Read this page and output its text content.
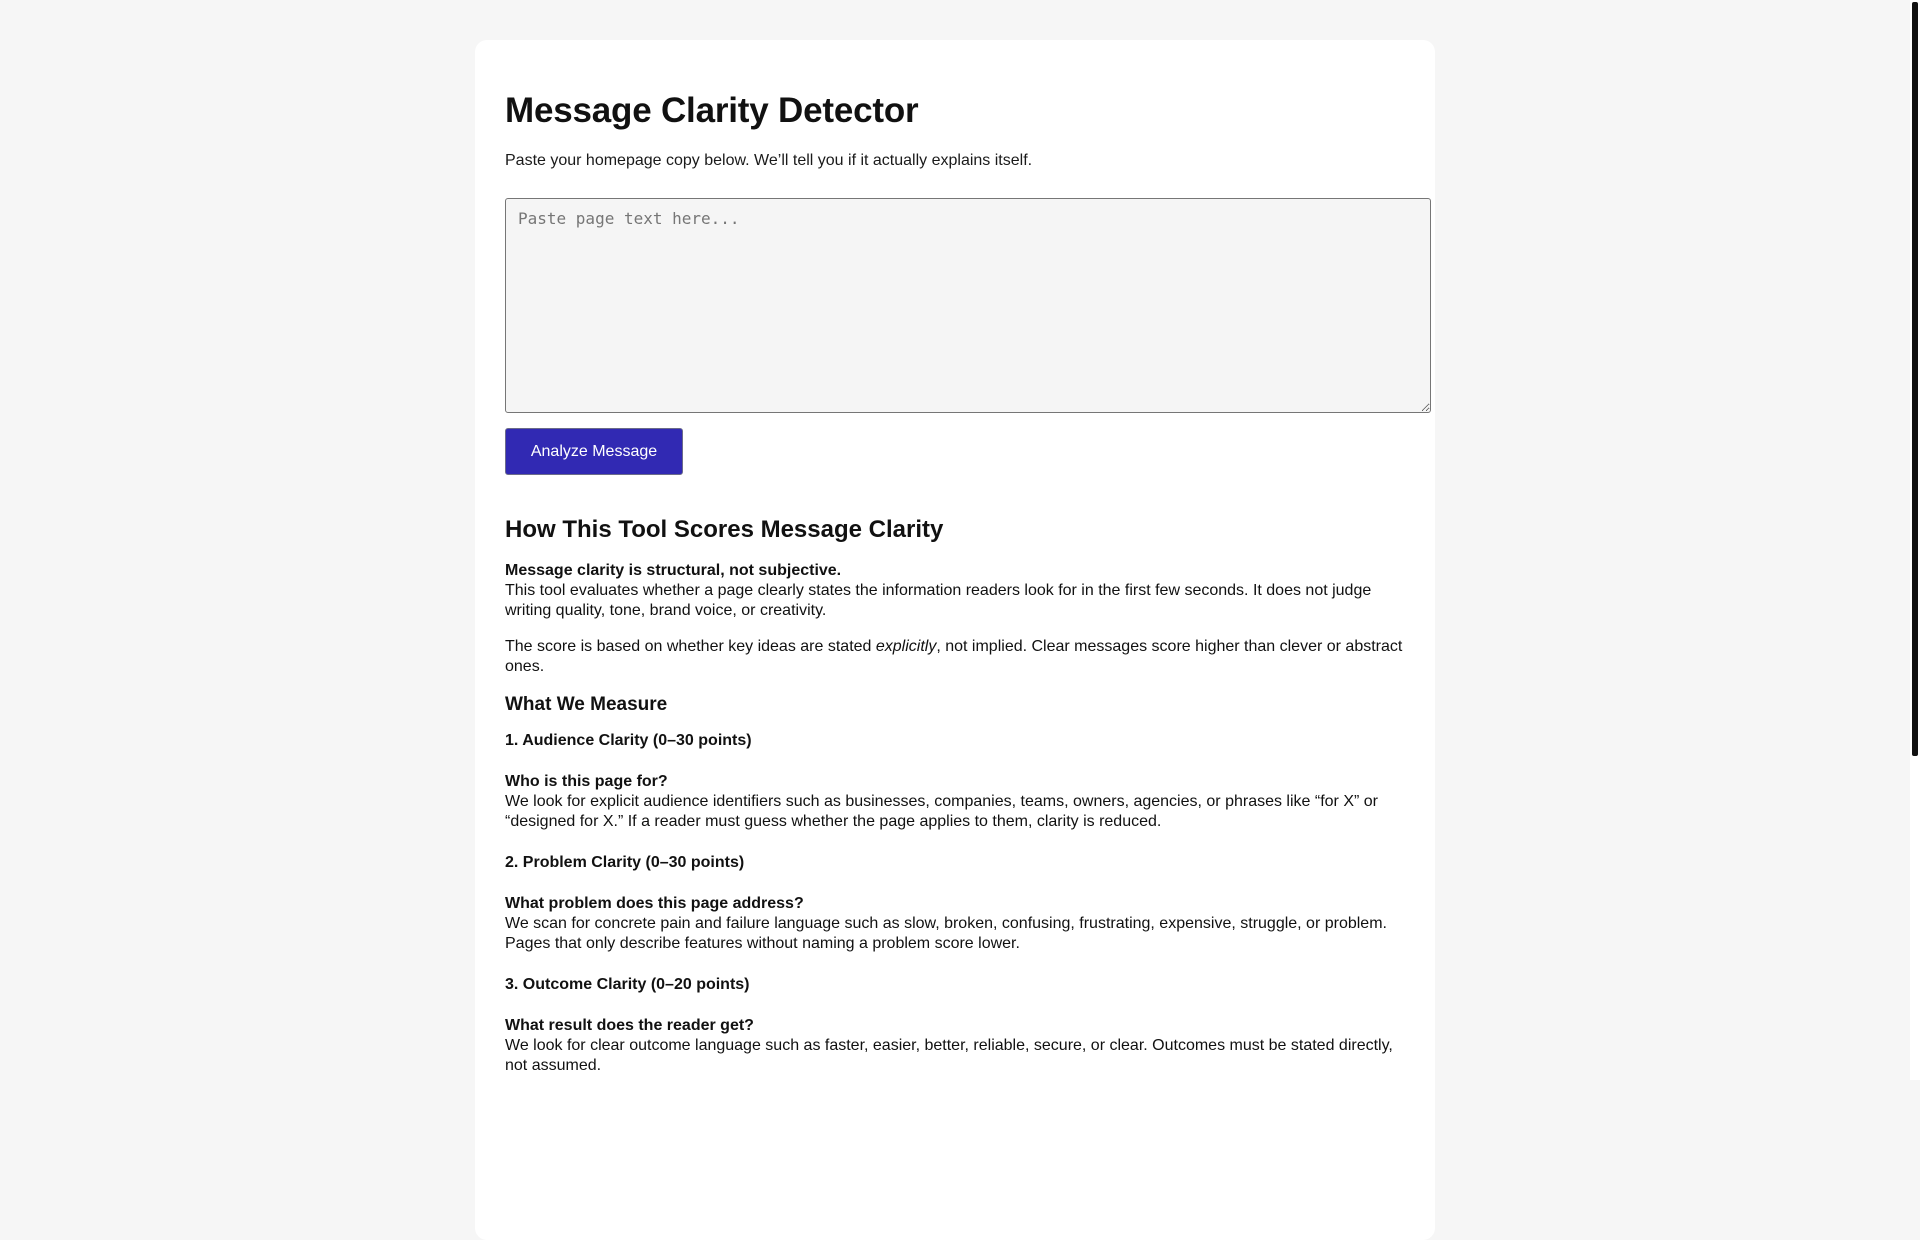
Message Clarity Detector

Paste your homepage copy below. We’ll tell you if it actually explains itself.

Paste page text here...
Analyze Message
How This Tool Scores Message Clarity

Message clarity is structural, not subjective.
This tool evaluates whether a page clearly states the information readers look for in the first few seconds. It does not judge writing quality, tone, brand voice, or creativity.

The score is based on whether key ideas are stated explicitly, not implied. Clear messages score higher than clever or abstract ones.

What We Measure
1. Audience Clarity (0–30 points)
Who is this page for?
We look for explicit audience identifiers such as businesses, companies, teams, owners, agencies, or phrases like “for X” or “designed for X.” If a reader must guess whether the page applies to them, clarity is reduced.
2. Problem Clarity (0–30 points)
What problem does this page address?
We scan for concrete pain and failure language such as slow, broken, confusing, frustrating, expensive, struggle, or problem. Pages that only describe features without naming a problem score lower.
3. Outcome Clarity (0–20 points)
What result does the reader get?
We look for clear outcome language such as faster, easier, better, reliable, secure, or clear. Outcomes must be stated directly, not assumed.
